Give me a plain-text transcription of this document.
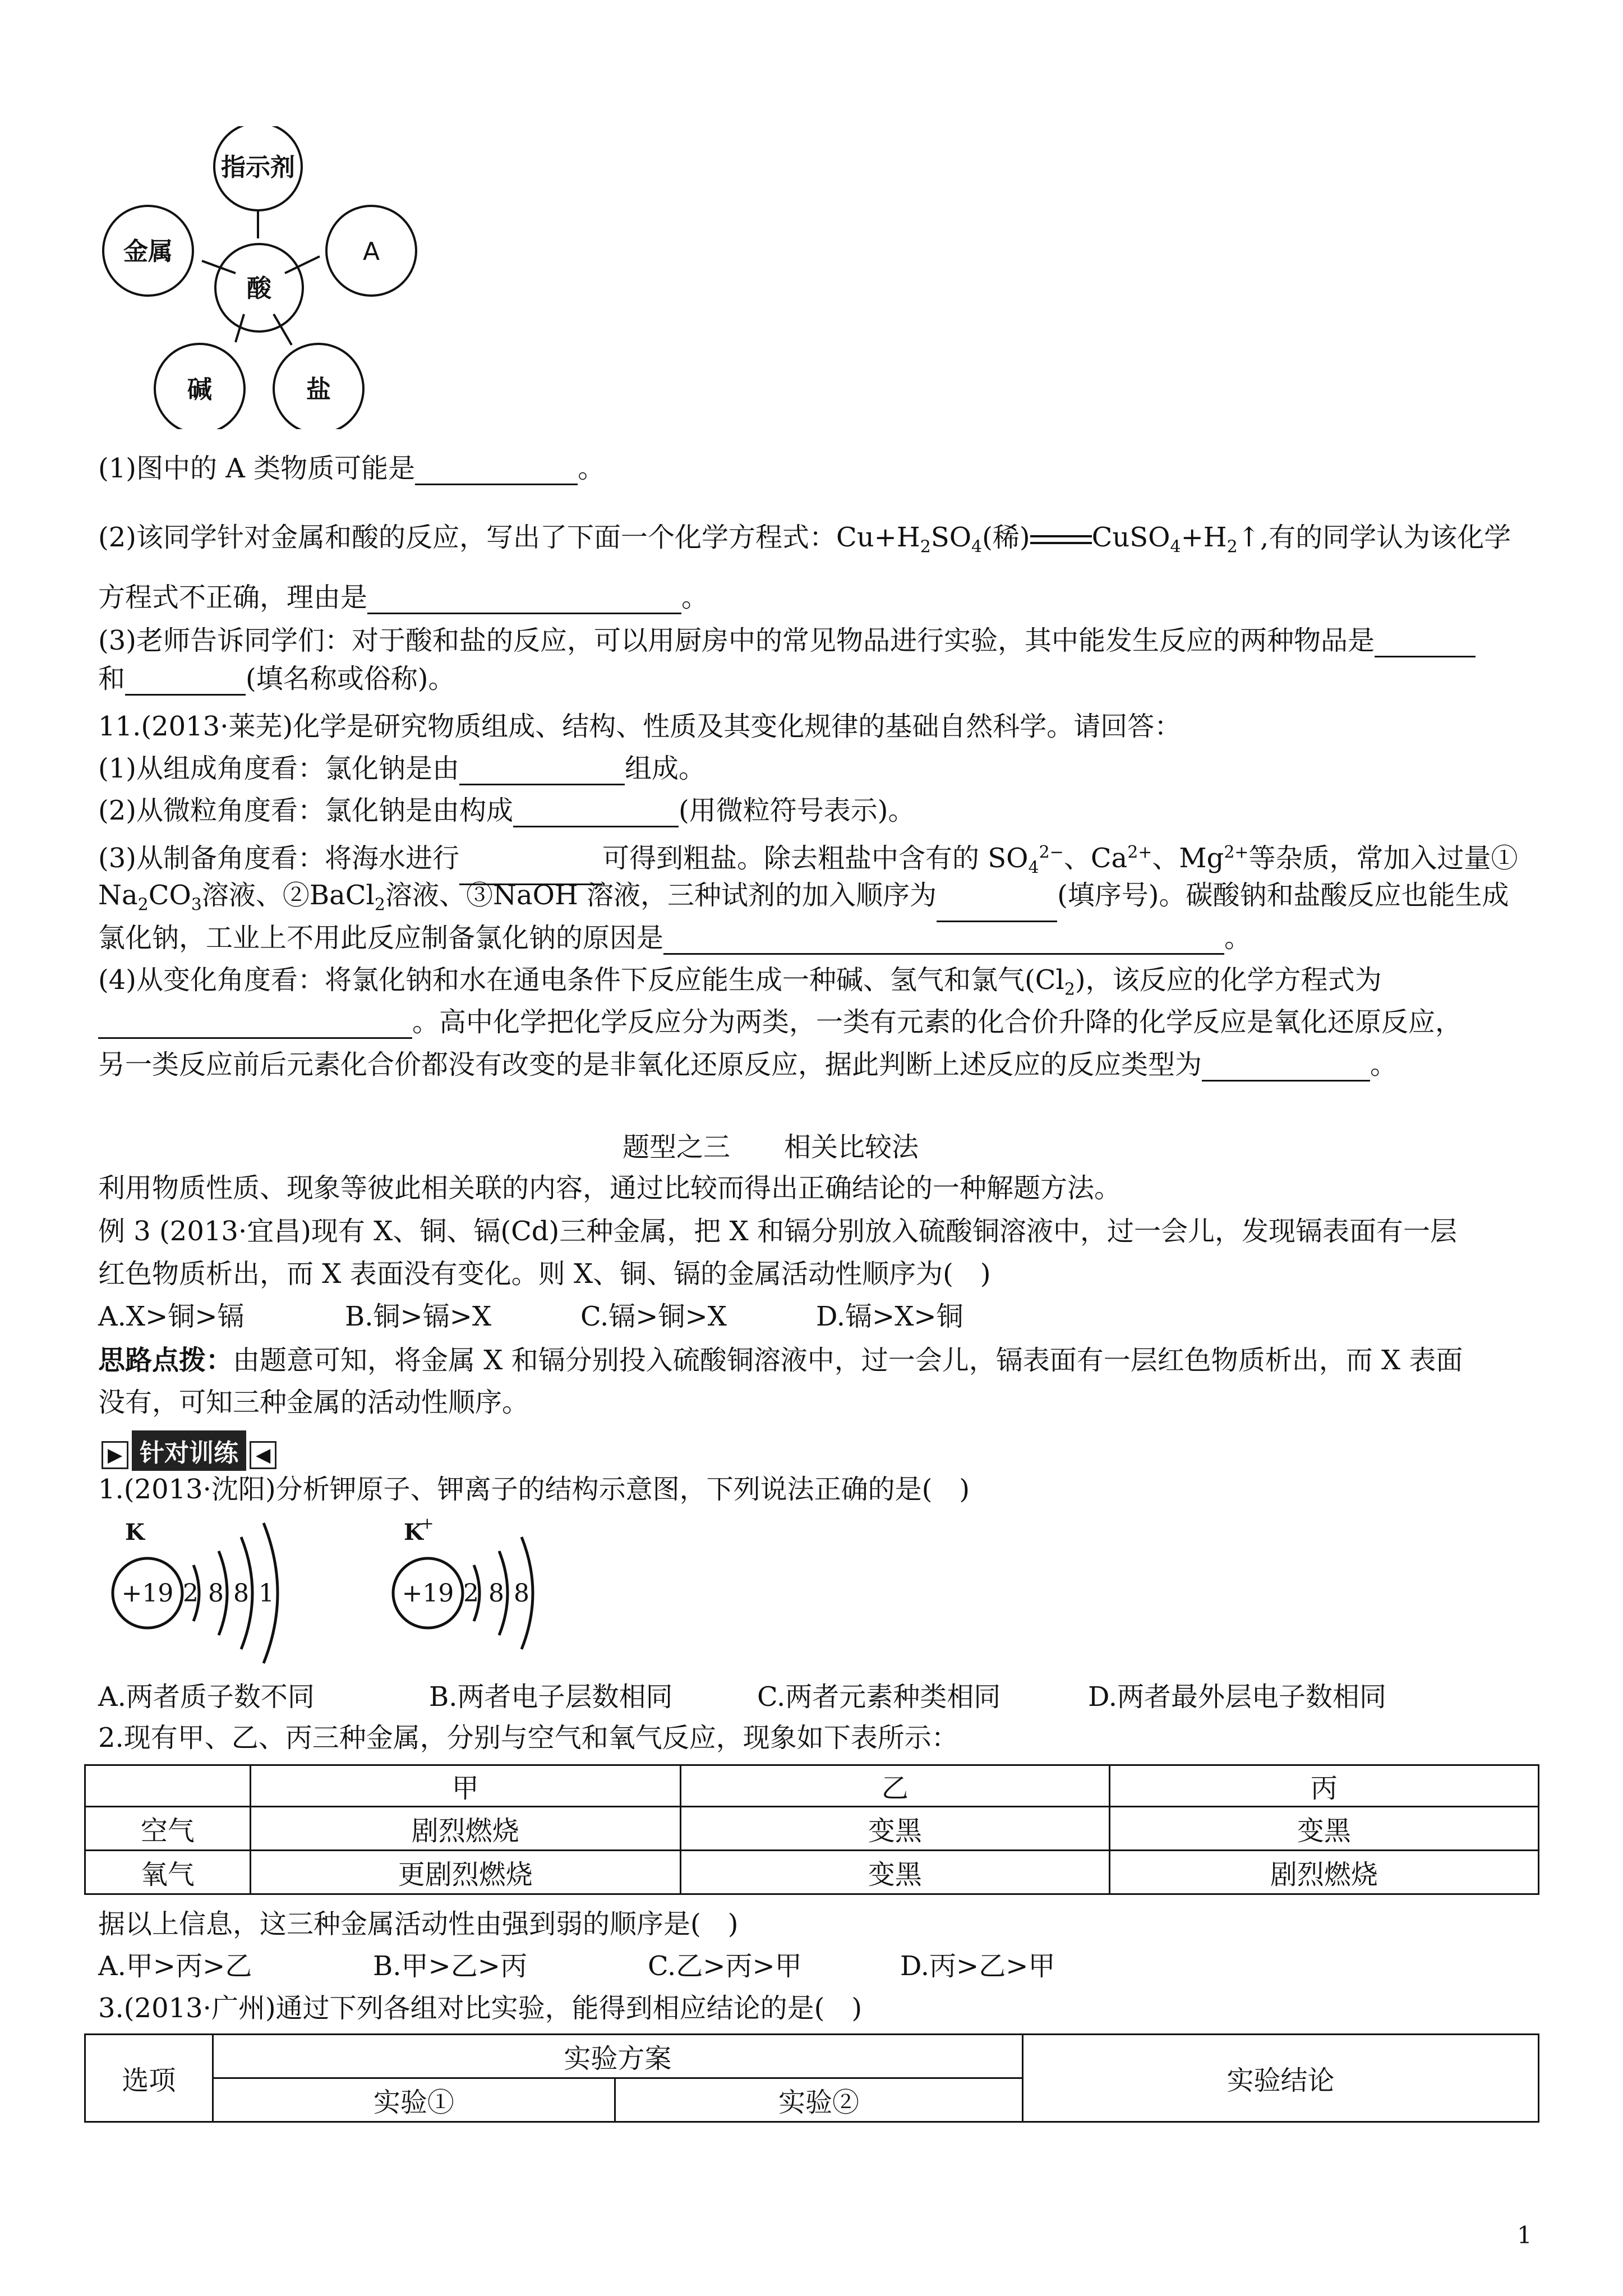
指示剂
金属	A
酸
碱	盐
(1)图中的 A 类物质可能是	。
(2)该同学针对金属和酸的反应，写出了下面一个化学方程式：$Cu+H_2SO_4$(稀) $CuSO_4+H_2↑$,有的同学认为该化学
方程式不正确，理由是	。
(3)老师告诉同学们：对于酸和盐的反应，可以用厨房中的常见物品进行实验，其中能发生反应的两种物品是
和	(填名称或俗称)。
11.(2013·莱芜)化学是研究物质组成、结构、性质及其变化规律的基础自然科学。请回答：
(1)从组成角度看：氯化钠是由	组成。
(2)从微粒角度看：氯化钠是由构成	(用微粒符号表示)。
(3)从制备角度看：将海水进行	可得到粗盐。除去粗盐中含有的 $SO_4^{2-}$、$Ca^{2+}$、$Mg^{2+}$等杂质，常加入过量①
$Na_2CO_3$溶液、②BaCl$_2$溶液、③NaOH 溶液，三种试剂的加入顺序为	(填序号)。碳酸钠和盐酸反应也能生成
氯化钠，工业上不用此反应制备氯化钠的原因是	。
(4)从变化角度看：将氯化钠和水在通电条件下反应能生成一种碱、氢气和氯气$(Cl_2)$，该反应的化学方程式为
。高中化学把化学反应分为两类，一类有元素的化合价升降的化学反应是氧化还原反应，
另一类反应前后元素化合价都没有改变的是非氧化还原反应，据此判断上述反应的反应类型为	。
题型之三　　相关比较法
利用物质性质、现象等彼此相关联的内容，通过比较而得出正确结论的一种解题方法。
例 3 (2013·宜昌)现有 X、铜、镉(Cd)三种金属，把 X 和镉分别放入硫酸铜溶液中，过一会儿，发现镉表面有一层
红色物质析出，而 X 表面没有变化。则 X、铜、镉的金属活动性顺序为(　)
A.X>铜>镉	B.铜>镉>X	C.镉>铜>X	D.镉>X>铜
思路点拨：由题意可知，将金属 X 和镉分别投入硫酸铜溶液中，过一会儿，镉表面有一层红色物质析出，而 X 表面
没有，可知三种金属的活动性顺序。
▶ 针对训练 ◀
1.(2013·沈阳)分析钾原子、钾离子的结构示意图，下列说法正确的是(　)
K
+19 2 8 8 1
K
+
+19 2 8 8
A.两者质子数不同	B.两者电子层数相同	C.两者元素种类相同	D.两者最外层电子数相同
2.现有甲、乙、丙三种金属，分别与空气和氧气反应，现象如下表所示：
	甲	乙	丙
空气	剧烈燃烧	变黑	变黑
氧气	更剧烈燃烧	变黑	剧烈燃烧
据以上信息，这三种金属活动性由强到弱的顺序是(　)
A.甲>丙>乙	B.甲>乙>丙	C.乙>丙>甲	D.丙>乙>甲
3.(2013·广州)通过下列各组对比实验，能得到相应结论的是(　)
选项	实验方案		实验结论
	实验①	实验②	
1
